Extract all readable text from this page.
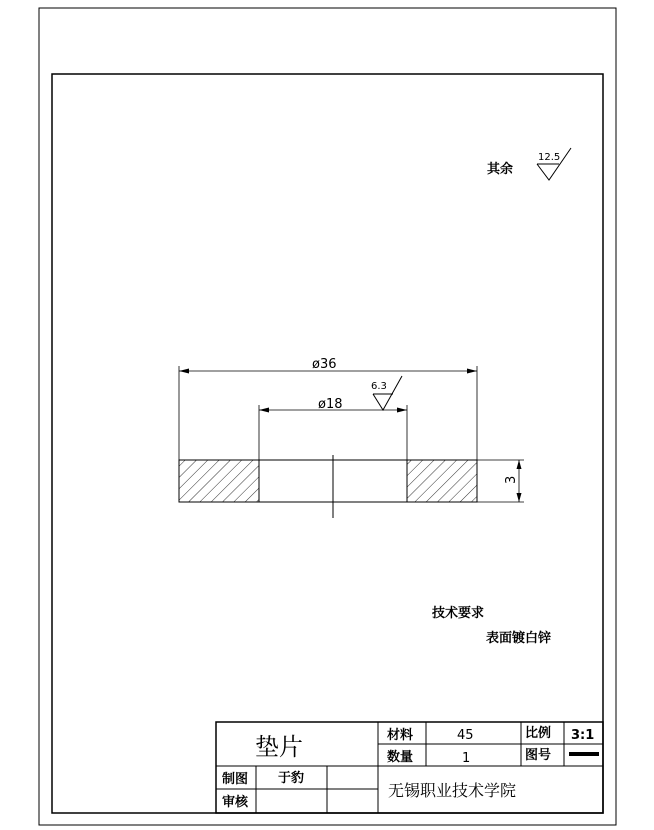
其余
12.5
ø36
ø18
6.3
3
技术要求
表面镀白锌
垫片	材料	45	比例 3:1
数量	1	图号
制图 于豹
审核
无锡职业技术学院
